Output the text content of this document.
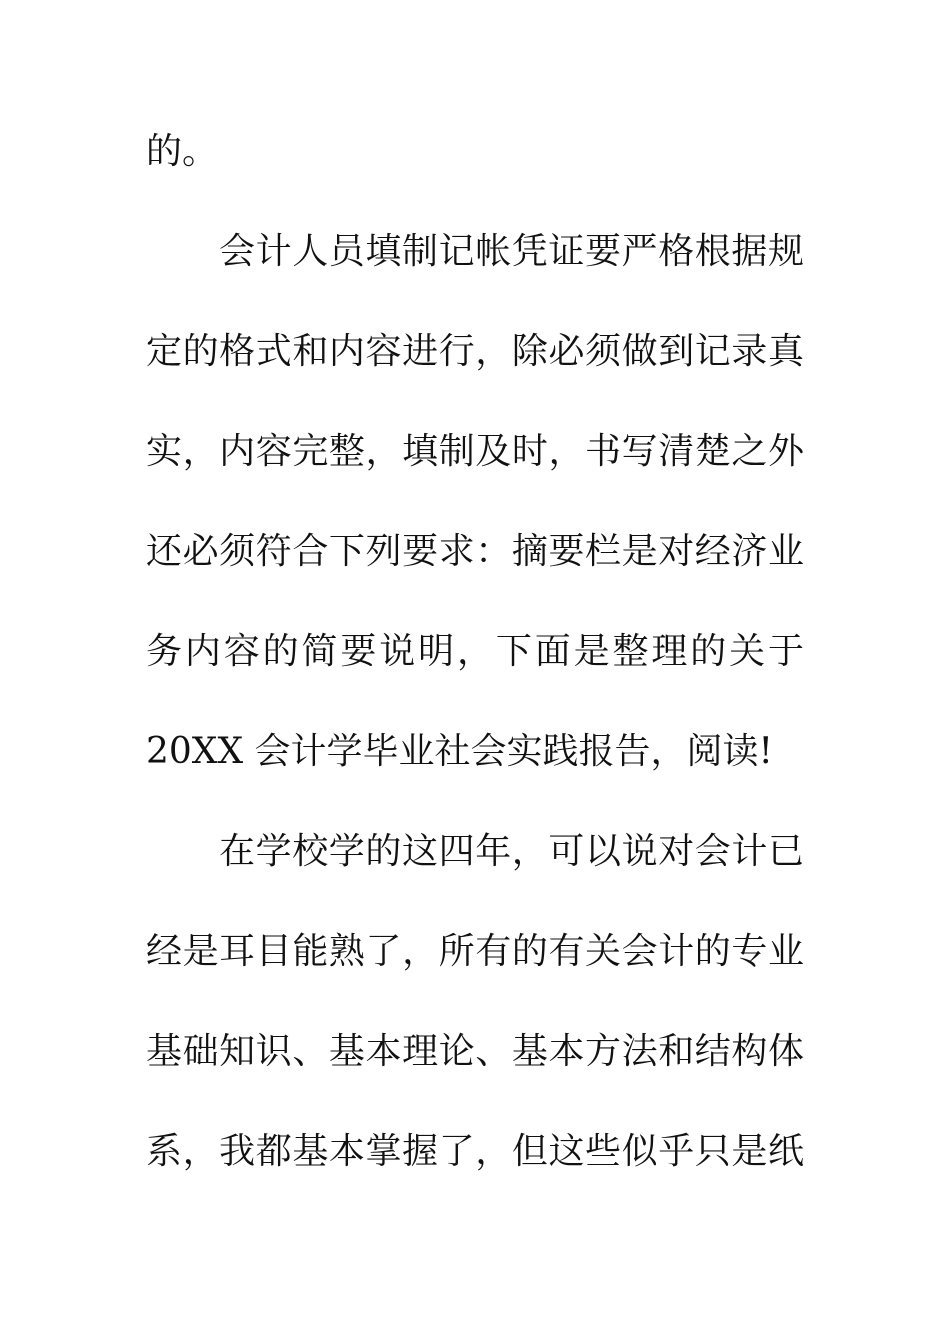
的。
会计人员填制记帐凭证要严格根据规
定的格式和内容进行，除必须做到记录真
实，内容完整，填制及时，书写清楚之外
还必须符合下列要求：摘要栏是对经济业
务内容的简要说明，下面是整理的关于
20XX 会计学毕业社会实践报告，阅读!
在学校学的这四年，可以说对会计已
经是耳目能熟了，所有的有关会计的专业
基础知识、基本理论、基本方法和结构体
系，我都基本掌握了，但这些似乎只是纸
